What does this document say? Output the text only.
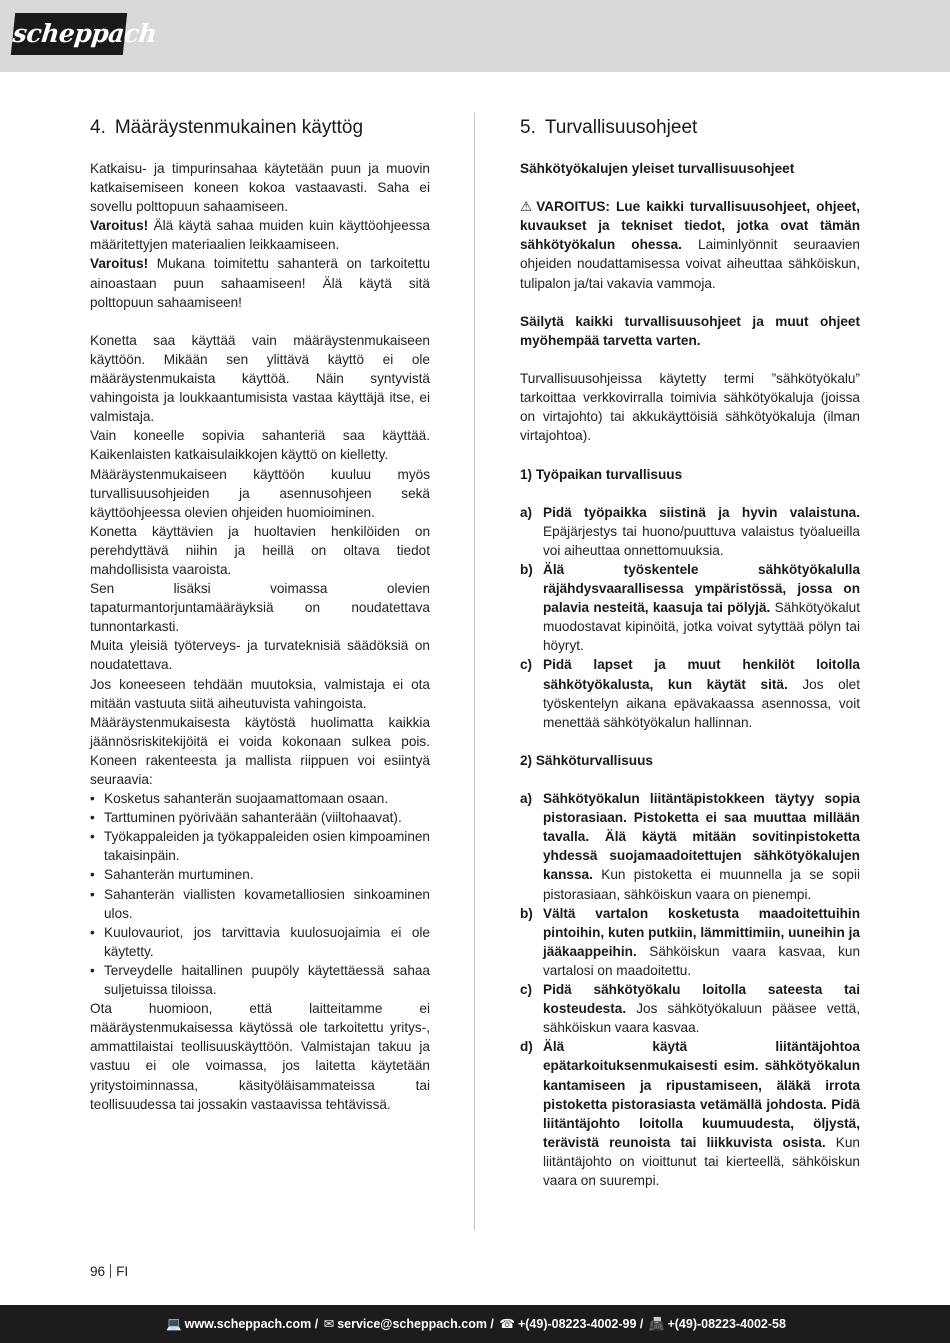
scheppach
4. Määräystenmukainen käyttög

Katkaisu- ja timpurinsahaa käytetään puun ja muovin katkaisemiseen koneen kokoa vastaavasti. Saha ei sovellu polttopuun sahaamiseen.

Varoitus! Älä käytä sahaa muiden kuin käyttöohjeessa määritettyjen materiaalien leikkaamiseen.

Varoitus! Mukana toimitettu sahanterä on tarkoitettu ainoastaan puun sahaamiseen! Älä käytä sitä polttopuun sahaamiseen!

Konetta saa käyttää vain määräystenmukaiseen käyttöön. Mikään sen ylittävä käyttö ei ole määräystenmukaista käyttöä. Näin syntyvistä vahingoista ja loukkaantumisista vastaa käyttäjä itse, ei valmistaja.

Vain koneelle sopivia sahanteriä saa käyttää. Kaikenlaisten katkaisulaikkojen käyttö on kielletty.

Määräystenmukaiseen käyttöön kuuluu myös turvallisuusohjeiden ja asennusohjeen sekä käyttöohjeessa olevien ohjeiden huomioiminen.

Konetta käyttävien ja huoltavien henkilöiden on perehdyttävä niihin ja heillä on oltava tiedot mahdollisista vaaroista.

Sen lisäksi voimassa olevien tapaturmantorjuntamääräyksiä on noudatettava tunnontarkasti.

Muita yleisiä työterveys- ja turvateknisiä säädöksiä on noudatettava.

Jos koneeseen tehdään muutoksia, valmistaja ei ota mitään vastuuta siitä aiheutuvista vahingoista.

Määräystenmukaisesta käytöstä huolimatta kaikkia jäännösriskitekijöitä ei voida kokonaan sulkea pois. Koneen rakenteesta ja mallista riippuen voi esiintyä seuraavia:

• Kosketus sahanterän suojaamattomaan osaan.
• Tarttuminen pyörivään sahanterään (viiltohaavat).
• Työkappaleiden ja työkappaleiden osien kimpoaminen takaisinpäin.
• Sahanterän murtuminen.
• Sahanterän viallisten kovametalliosien sinkoaminen ulos.
• Kuulovauriot, jos tarvittavia kuulosuojaimia ei ole käytetty.
• Terveydelle haitallinen puupöly käytettäessä sahaa suljetuissa tiloissa.

Ota huomioon, että laitteitamme ei määräystenmukaisessa käytössä ole tarkoitettu yritys-, ammattilaistai teollisuuskäyttöön. Valmistajan takuu ja vastuu ei ole voimassa, jos laitetta käytetään yritystoiminnassa, käsityöläisammateissa tai teollisuudessa tai jossakin vastaavissa tehtävissä.

5. Turvallisuusohjeet

Sähkötyökalujen yleiset turvallisuusohjeet

⚠ VAROITUS: Lue kaikki turvallisuusohjeet, ohjeet, kuvaukset ja tekniset tiedot, jotka ovat tämän sähkötyökalun ohessa. Laiminlyönnit seuraavien ohjeiden noudattamisessa voivat aiheuttaa sähköiskun, tulipalon ja/tai vakavia vammoja.

Säilytä kaikki turvallisuusohjeet ja muut ohjeet myöhempää tarvetta varten.

Turvallisuusohjeissa käytetty termi ”sähkötyökalu” tarkoittaa verkkovirralla toimivia sähkötyökaluja (joissa on virtajohto) tai akkukäyttöisiä sähkötyökaluja (ilman virtajohtoa).

1) Työpaikan turvallisuus

a) Pidä työpaikka siistinä ja hyvin valaistuna. Epäjärjestys tai huono/puuttuva valaistus työalueilla voi aiheuttaa onnettomuuksia.
b) Älä työskentele sähkötyökalulla räjähdysvaarallisessa ympäristössä, jossa on palavia nesteitä, kaasuja tai pölyjä. Sähkötyökalut muodostavat kipinöitä, jotka voivat sytyttää pölyn tai höyryt.
c) Pidä lapset ja muut henkilöt loitolla sähkötyökalusta, kun käytät sitä. Jos olet työskentelyn aikana epävakaassa asennossa, voit menettää sähkötyökalun hallinnan.

2) Sähköturvallisuus

a) Sähkötyökalun liitäntäpistokkeen täytyy sopia pistorasiaan. Pistoketta ei saa muuttaa millään tavalla. Älä käytä mitään sovitinpistoketta yhdessä suojamaadoitettujen sähkötyökalujen kanssa. Kun pistoketta ei muunnella ja se sopii pistorasiaan, sähköiskun vaara on pienempi.
b) Vältä vartalon kosketusta maadoitettuihin pintoihin, kuten putkiin, lämmittimiin, uuneihin ja jääkaappeihin. Sähköiskun vaara kasvaa, kun vartalosi on maadoitettu.
c) Pidä sähkötyökalu loitolla sateesta tai kosteudesta. Jos sähkötyökaluun pääsee vettä, sähköiskun vaara kasvaa.
d) Älä käytä liitäntäjohtoa epätarkoituksenmukaisesti esim. sähkötyökalun kantamiseen ja ripustamiseen, äläkä irrota pistoketta pistorasiasta vetämällä johdosta. Pidä liitäntäjohto loitolla kuumuudesta, öljystä, terävistä reunoista tai liikkuvista osista. Kun liitäntäjohto on vioittunut tai kierteellä, sähköiskun vaara on suurempi.
96 FI
💻 www.scheppach.com / ✉ service@scheppach.com / ☎ +(49)-08223-4002-99 / 📠 +(49)-08223-4002-58
